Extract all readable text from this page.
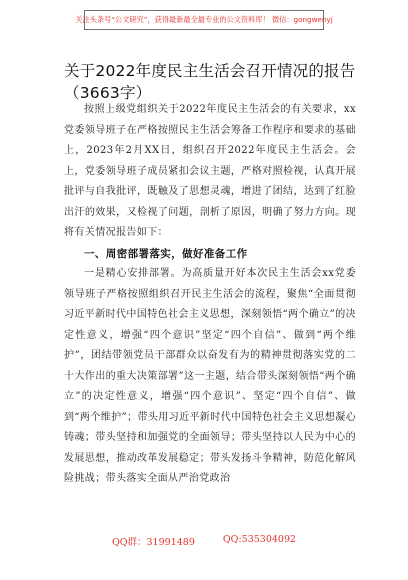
关注头条号“公文研究”，获得最新最全最专业的公文资料库！ 微信：gongwenyj
关于2022年度民主生活会召开情况的报告
（3663字）

按照上级党组织关于2022年度民主生活会的有关要求，xx党委领导班子在严格按照民主生活会筹备工作程序和要求的基础上，2023年2月XX日，组织召开2022年度民主生活会。会上，党委领导班子成员紧扣会议主题，严格对照检视，认真开展批评与自我批评，既触及了思想灵魂，增进了团结，达到了红脸出汗的效果，又检视了问题，剖析了原因，明确了努力方向。现将有关情况报告如下：

一、周密部署落实，做好准备工作

一是精心安排部署。为高质量开好本次民主生活会xx党委领导班子严格按照组织召开民主生活会的流程，聚焦“全面贯彻习近平新时代中国特色社会主义思想，深刻领悟“两个确立”的决定性意义，增强“四个意识”坚定“四个自信”、做到“两个维护”，团结带领党员干部群众以奋发有为的精神贯彻落实党的二十大作出的重大决策部署”这一主题，结合带头深刻领悟“两个确立”的决定性意义，增强“四个意识”、坚定“四个自信”、做到“两个维护”；带头用习近平新时代中国特色社会主义思想凝心铸魂；带头坚持和加强党的全面领导；带头坚持以人民为中心的发展思想，推动改革发展稳定；带头发扬斗争精神，防范化解风险挑战；带头落实全面从严治党政治

QQ群：31991489	QQ:535304092
